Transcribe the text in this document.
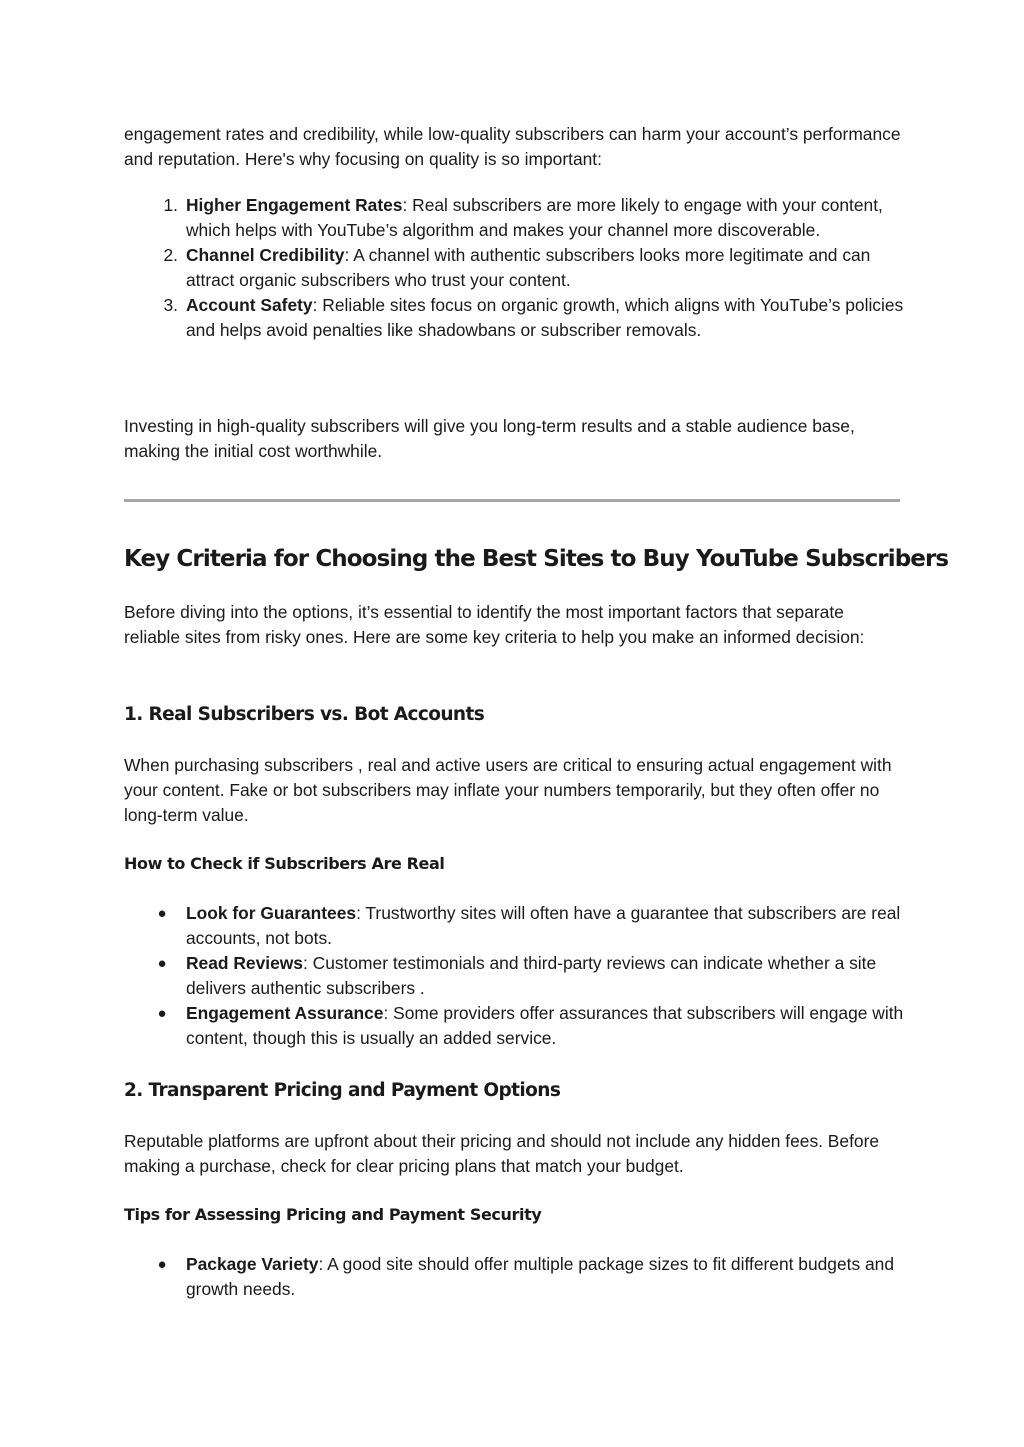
engagement rates and credibility, while low-quality subscribers can harm your account’s performance and reputation. Here's why focusing on quality is so important:

1. Higher Engagement Rates: Real subscribers are more likely to engage with your content, which helps with YouTube’s algorithm and makes your channel more discoverable.
2. Channel Credibility: A channel with authentic subscribers looks more legitimate and can attract organic subscribers who trust your content.
3. Account Safety: Reliable sites focus on organic growth, which aligns with YouTube’s policies and helps avoid penalties like shadowbans or subscriber removals.

Investing in high-quality subscribers will give you long-term results and a stable audience base, making the initial cost worthwhile.

Key Criteria for Choosing the Best Sites to Buy YouTube Subscribers

Before diving into the options, it’s essential to identify the most important factors that separate reliable sites from risky ones. Here are some key criteria to help you make an informed decision:

1. Real Subscribers vs. Bot Accounts

When purchasing subscribers , real and active users are critical to ensuring actual engagement with your content. Fake or bot subscribers may inflate your numbers temporarily, but they often offer no long-term value.

How to Check if Subscribers Are Real
●	Look for Guarantees: Trustworthy sites will often have a guarantee that subscribers are real accounts, not bots.
●	Read Reviews: Customer testimonials and third-party reviews can indicate whether a site delivers authentic subscribers .
●	Engagement Assurance: Some providers offer assurances that subscribers will engage with content, though this is usually an added service.
2. Transparent Pricing and Payment Options

Reputable platforms are upfront about their pricing and should not include any hidden fees. Before making a purchase, check for clear pricing plans that match your budget.

Tips for Assessing Pricing and Payment Security
●	Package Variety: A good site should offer multiple package sizes to fit different budgets and growth needs.
